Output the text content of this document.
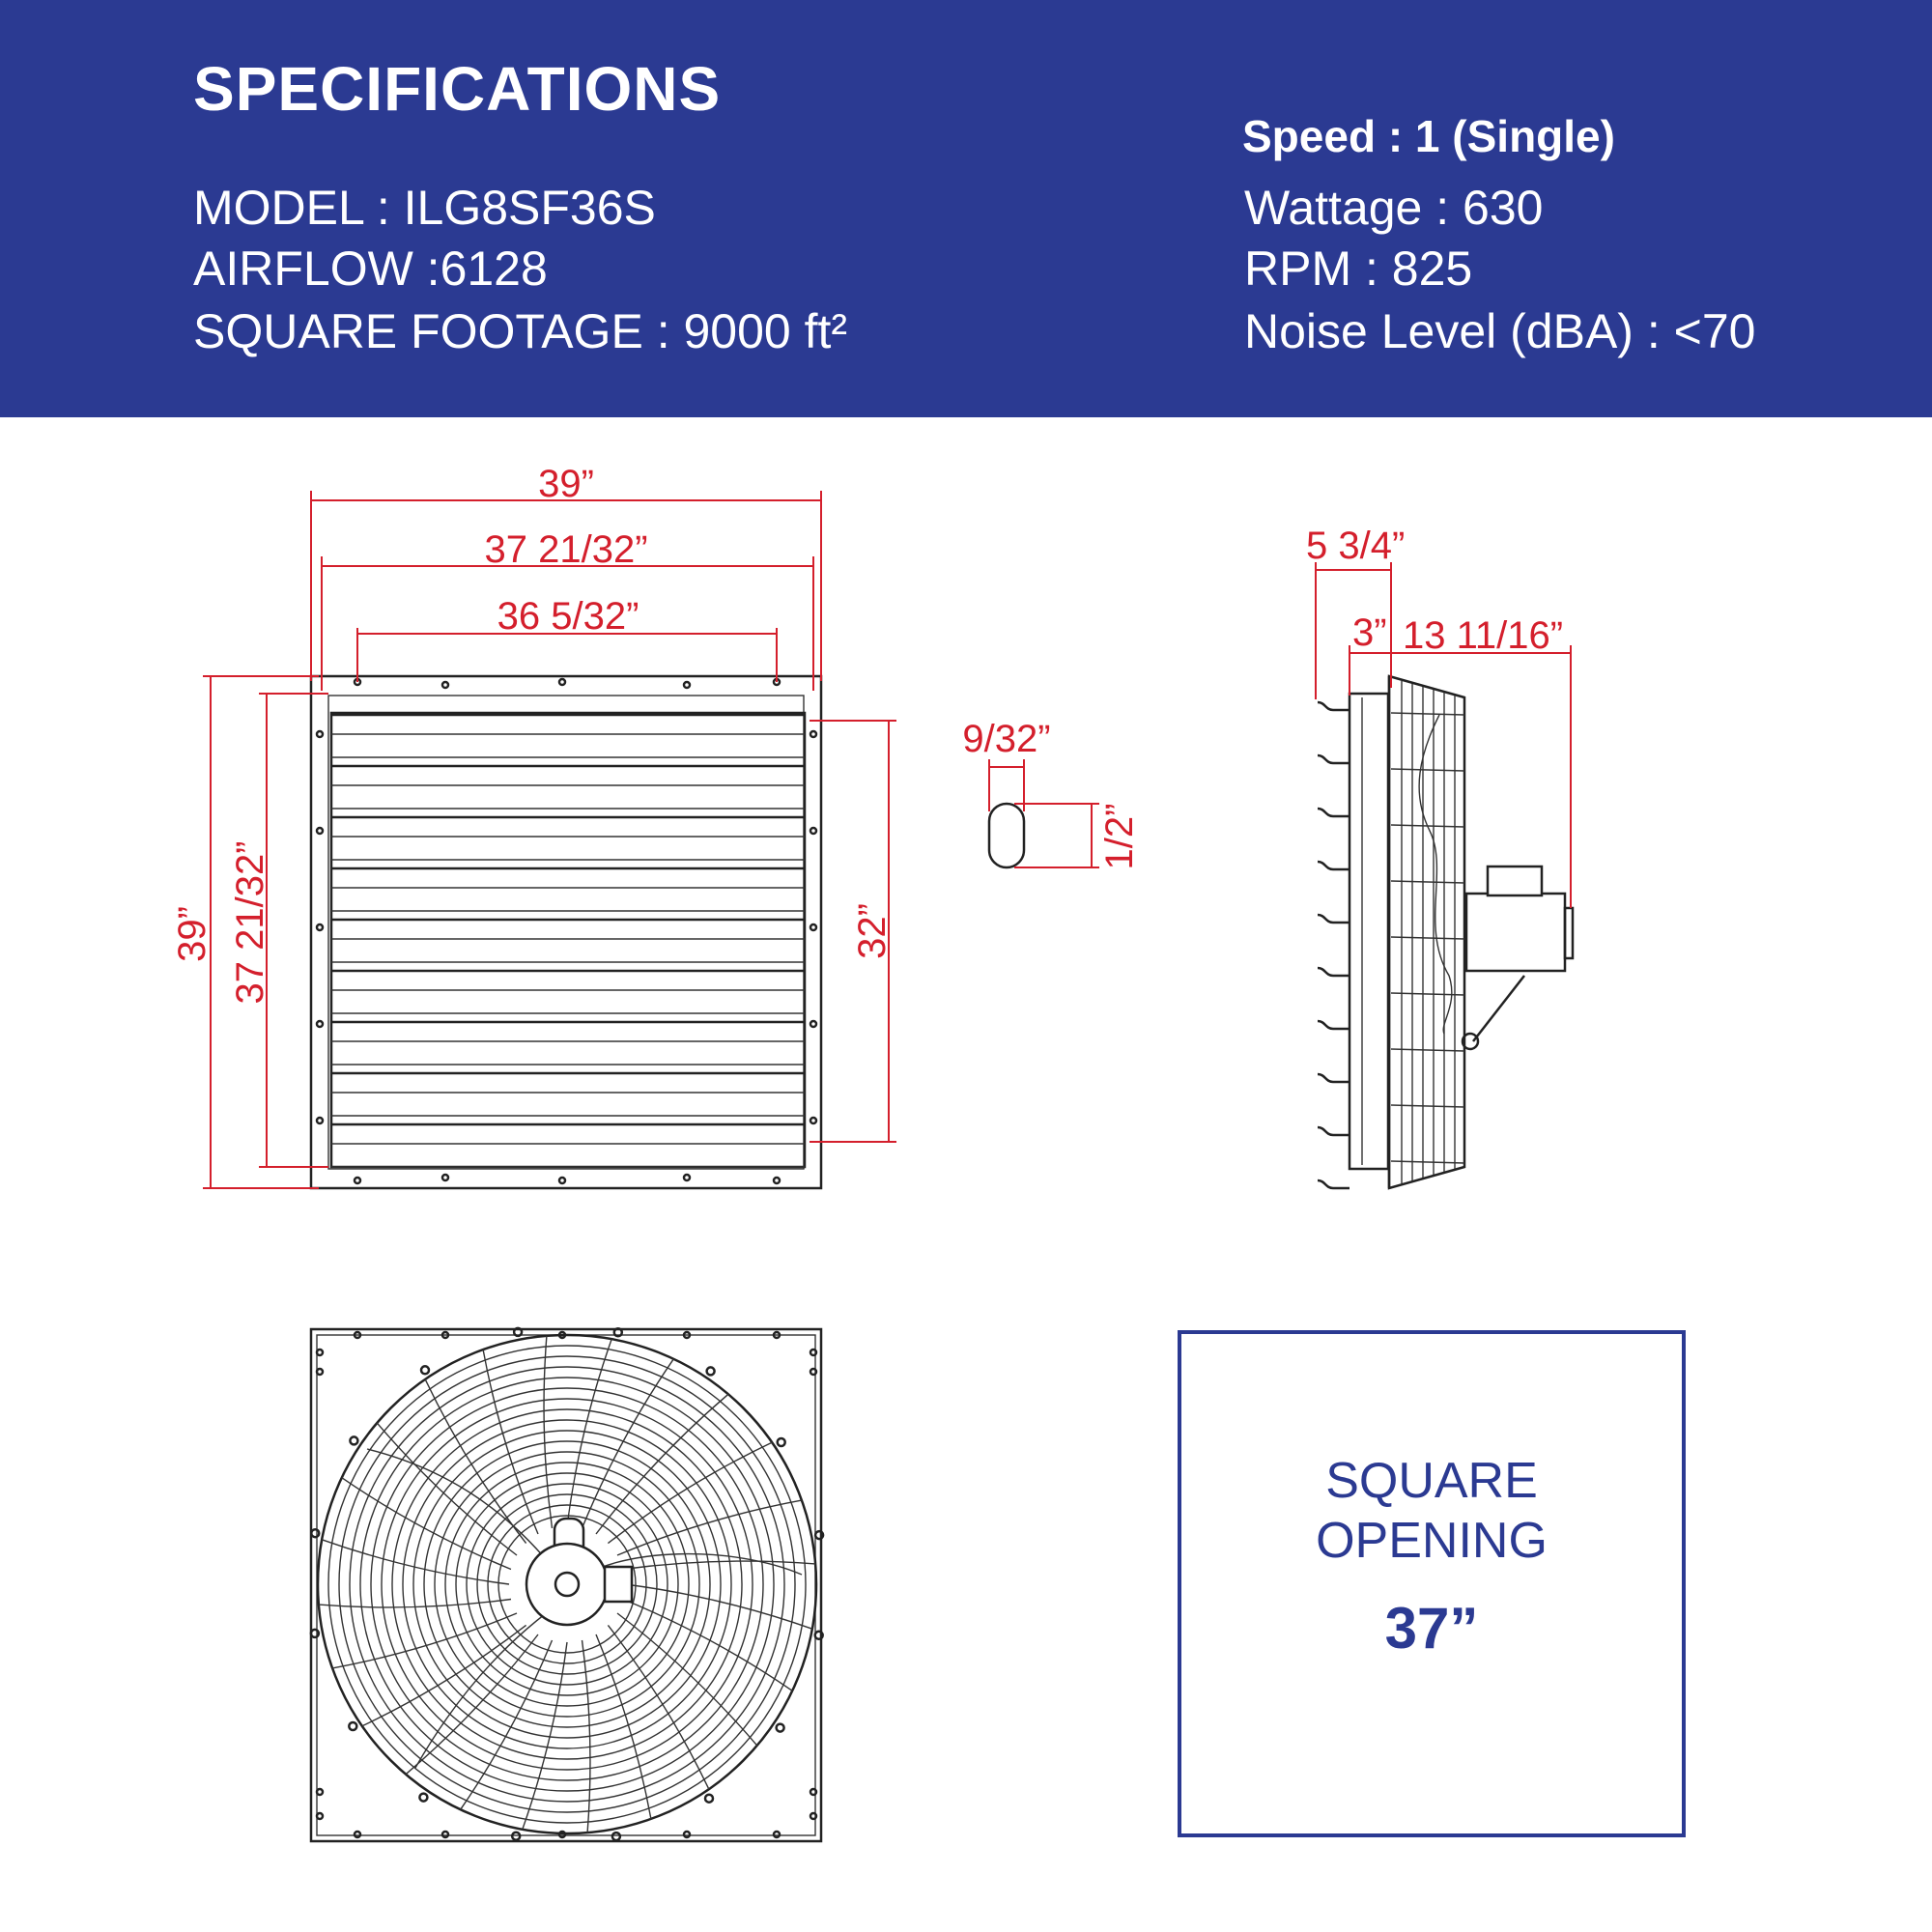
SPECIFICATIONS
MODEL : ILG8SF36S
AIRFLOW :6128
SQUARE FOOTAGE : 9000 ft²
Speed : 1 (Single)
Wattage : 630
RPM : 825
Noise Level (dBA) : <70
39”
37 21/32”
36 5/32”
39” 37 21/32”	32”
9/32”
1/2”
5 3/4”
3” 13 11/16”
SQUARE
OPENING
37”
